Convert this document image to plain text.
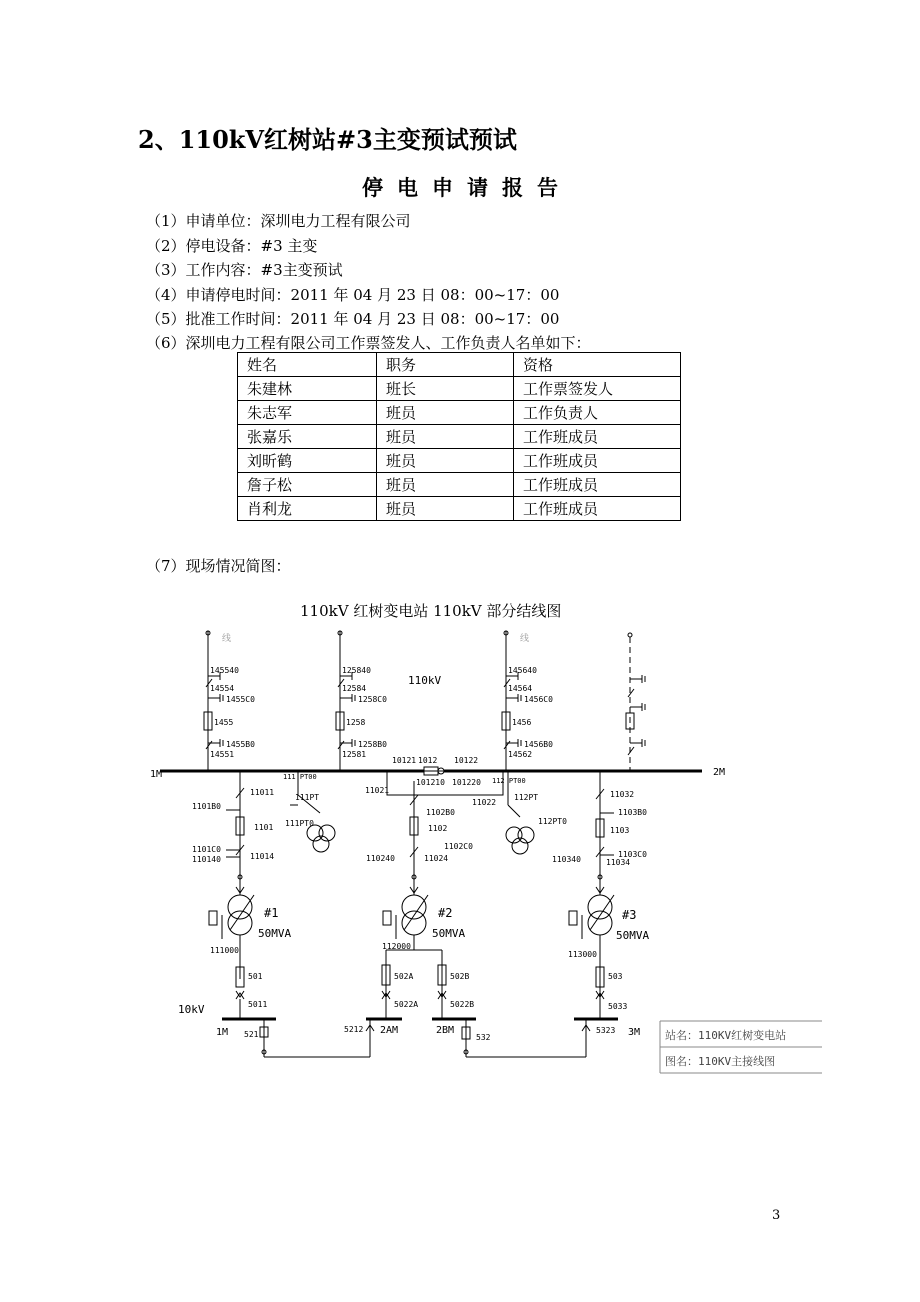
2、110kV红树站#3主变预试预试
停电申请报告
（1）申请单位：深圳电力工程有限公司
（2）停电设备：#3 主变
（3）工作内容：#3主变预试
（4）申请停电时间：2011 年 04 月 23 日 08：00~17：00
（5）批准工作时间：2011 年 04 月 23 日 08：00~17：00
（6）深圳电力工程有限公司工作票签发人、工作负责人名单如下：
姓名	职务	资格
朱建林	班长	工作票签发人
朱志军	班员	工作负责人
张嘉乐	班员	工作班成员
刘昕鹤	班员	工作班成员
詹子松	班员	工作班成员
肖利龙	班员	工作班成员
（7）现场情况简图：
110kV 红树变电站 110kV 部分结线图
1M	2M
110kV
线
145540
14554
1455C0
1455
1455B0
14551
125840
12584
1258C0
1258
1258B0
12581
线
145640
14564
1456C0
1456
1456B0
14562
10121 1012 10122
101210 101220
111 PT00
111PT
111PT0
112 PT00
112PT
112PT0
11021
11022
11011
1101B0
1101
1101C0
110140	11014
#1
50MVA
111000
501
5011
1102B0
1102
110240	11024
1102C0
#2
50MVA
112000
502A
5022A
502B
5022B
11032
1103B0
1103
110340	11034
1103C0
#3
50MVA
113000
503
5033
10kV
1M	2AM	2BM	3M
521
5212
532
5323	站名：110KV红树变电站
图名：110KV主接线图
3
